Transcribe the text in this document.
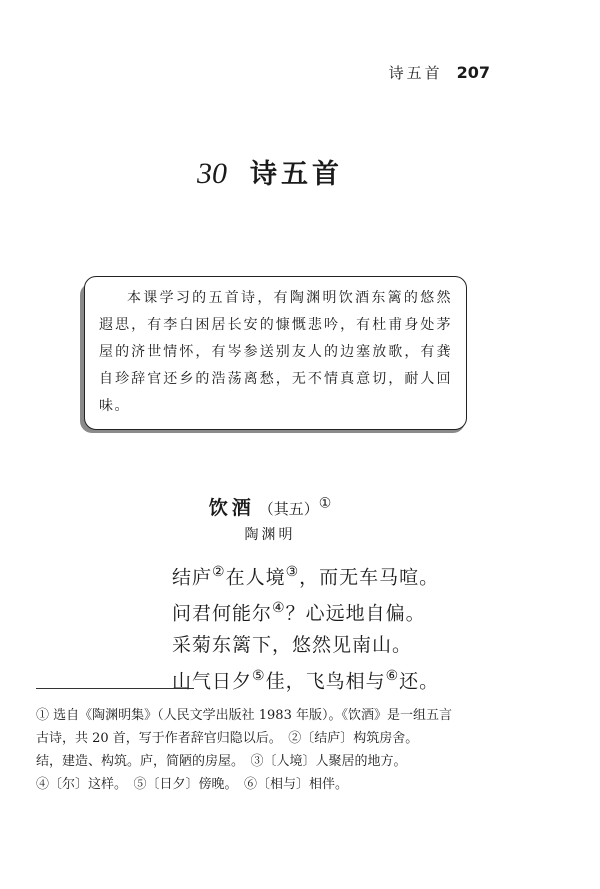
诗五首 207
30 诗五首

本课学习的五首诗，有陶渊明饮酒东篱的悠然遐思，有李白困居长安的慷慨悲吟，有杜甫身处茅屋的济世情怀，有岑参送别友人的边塞放歌，有龚自珍辞官还乡的浩荡离愁，无不情真意切，耐人回味。

饮酒 （其五）①
陶渊明
结庐②在人境③，而无车马喧。
问君何能尔④？心远地自偏。
采菊东篱下，悠然见南山。
山气日夕⑤佳，飞鸟相与⑥还。
① 选自《陶渊明集》（人民文学出版社 1983 年版）。《饮酒》是一组五言
古诗，共 20 首，写于作者辞官归隐以后。　②〔结庐〕构筑房舍。
结，建造、构筑。庐，简陋的房屋。　③〔人境〕人聚居的地方。
④〔尔〕这样。　⑤〔日夕〕傍晚。　⑥〔相与〕相伴。
